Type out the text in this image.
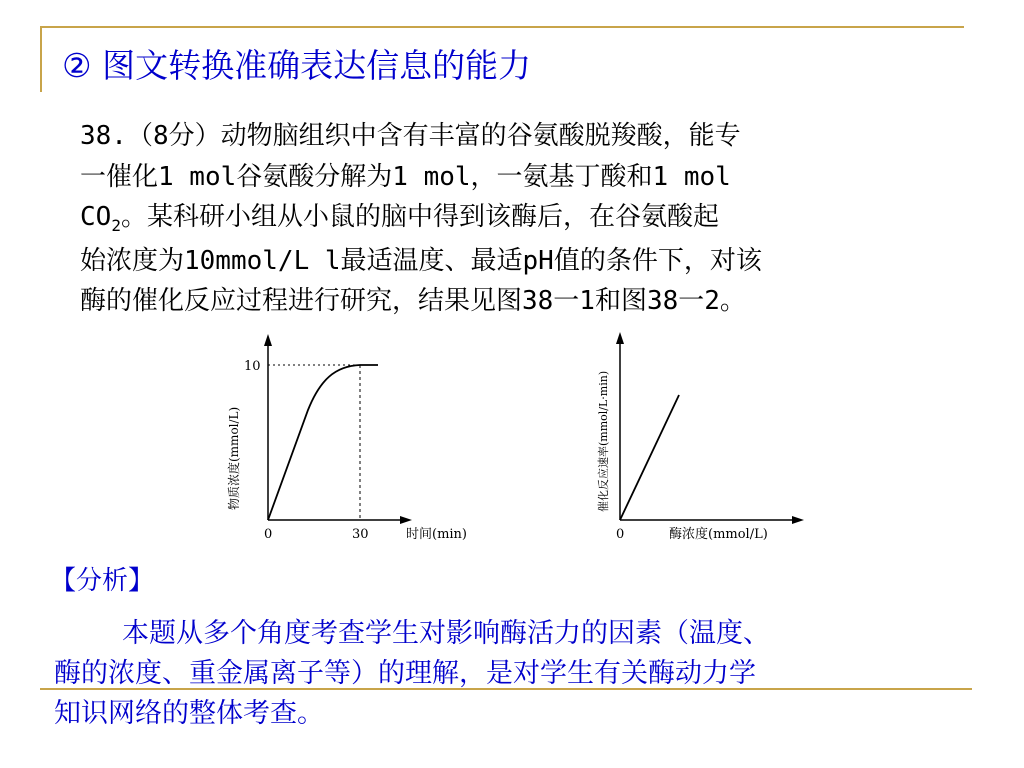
② 图文转换准确表达信息的能力
38.（8分）动物脑组织中含有丰富的谷氨酸脱羧酸，能专
一催化1 mol谷氨酸分解为1 mol，一氨基丁酸和1 mol
$CO_2$。某科研小组从小鼠的脑中得到该酶后，在谷氨酸起
始浓度为10mmol/L l最适温度、最适pH值的条件下，对该
酶的催化反应过程进行研究，结果见图38一1和图38一2。
10
0	30	时间(min)
物质浓度(mmol/L)
0	酶浓度(mmol/L)
催化反应速率(mmol/L·min)
【分析】
本题从多个角度考查学生对影响酶活力的因素（温度、
酶的浓度、重金属离子等）的理解，是对学生有关酶动力学
知识网络的整体考查。
